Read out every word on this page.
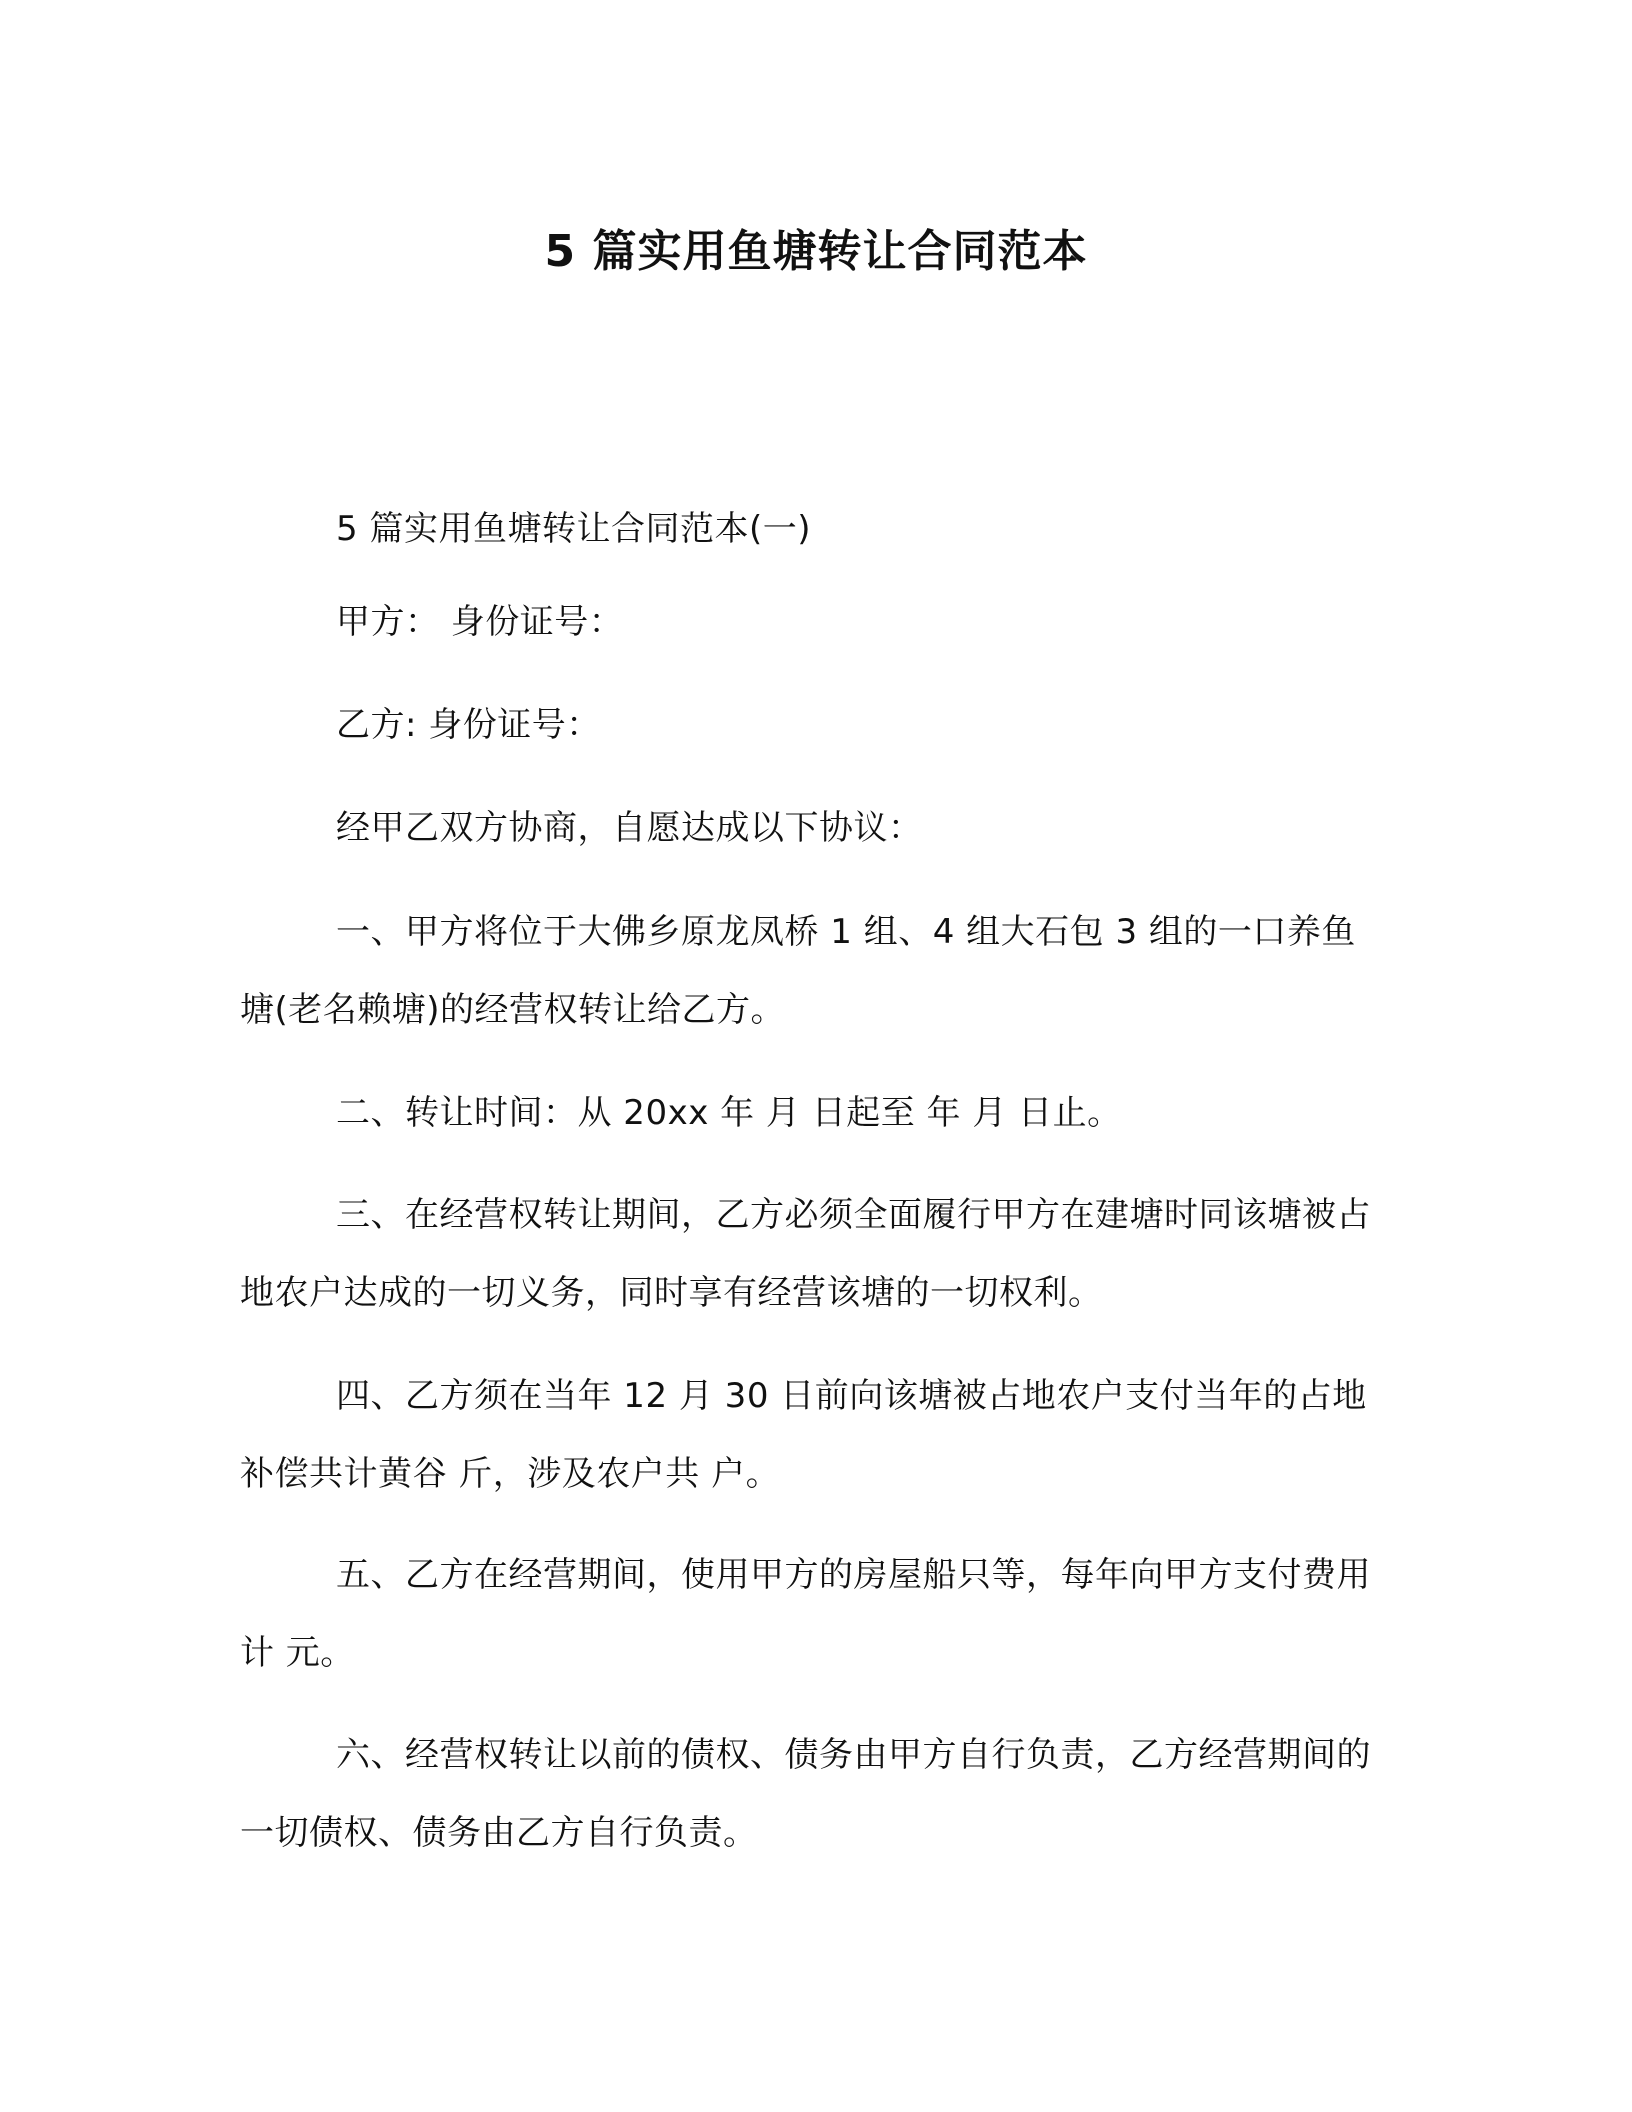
5 篇实用鱼塘转让合同范本

5 篇实用鱼塘转让合同范本(一)

甲方： 身份证号：

乙方: 身份证号：

经甲乙双方协商，自愿达成以下协议：

一、甲方将位于大佛乡原龙凤桥 1 组、4 组大石包 3 组的一口养鱼塘(老名赖塘)的经营权转让给乙方。

二、转让时间：从 20xx 年 月 日起至 年 月 日止。

三、在经营权转让期间，乙方必须全面履行甲方在建塘时同该塘被占地农户达成的一切义务，同时享有经营该塘的一切权利。

四、乙方须在当年 12 月 30 日前向该塘被占地农户支付当年的占地补偿共计黄谷 斤，涉及农户共 户。

五、乙方在经营期间，使用甲方的房屋船只等，每年向甲方支付费用计 元。

六、经营权转让以前的债权、债务由甲方自行负责，乙方经营期间的一切债权、债务由乙方自行负责。
